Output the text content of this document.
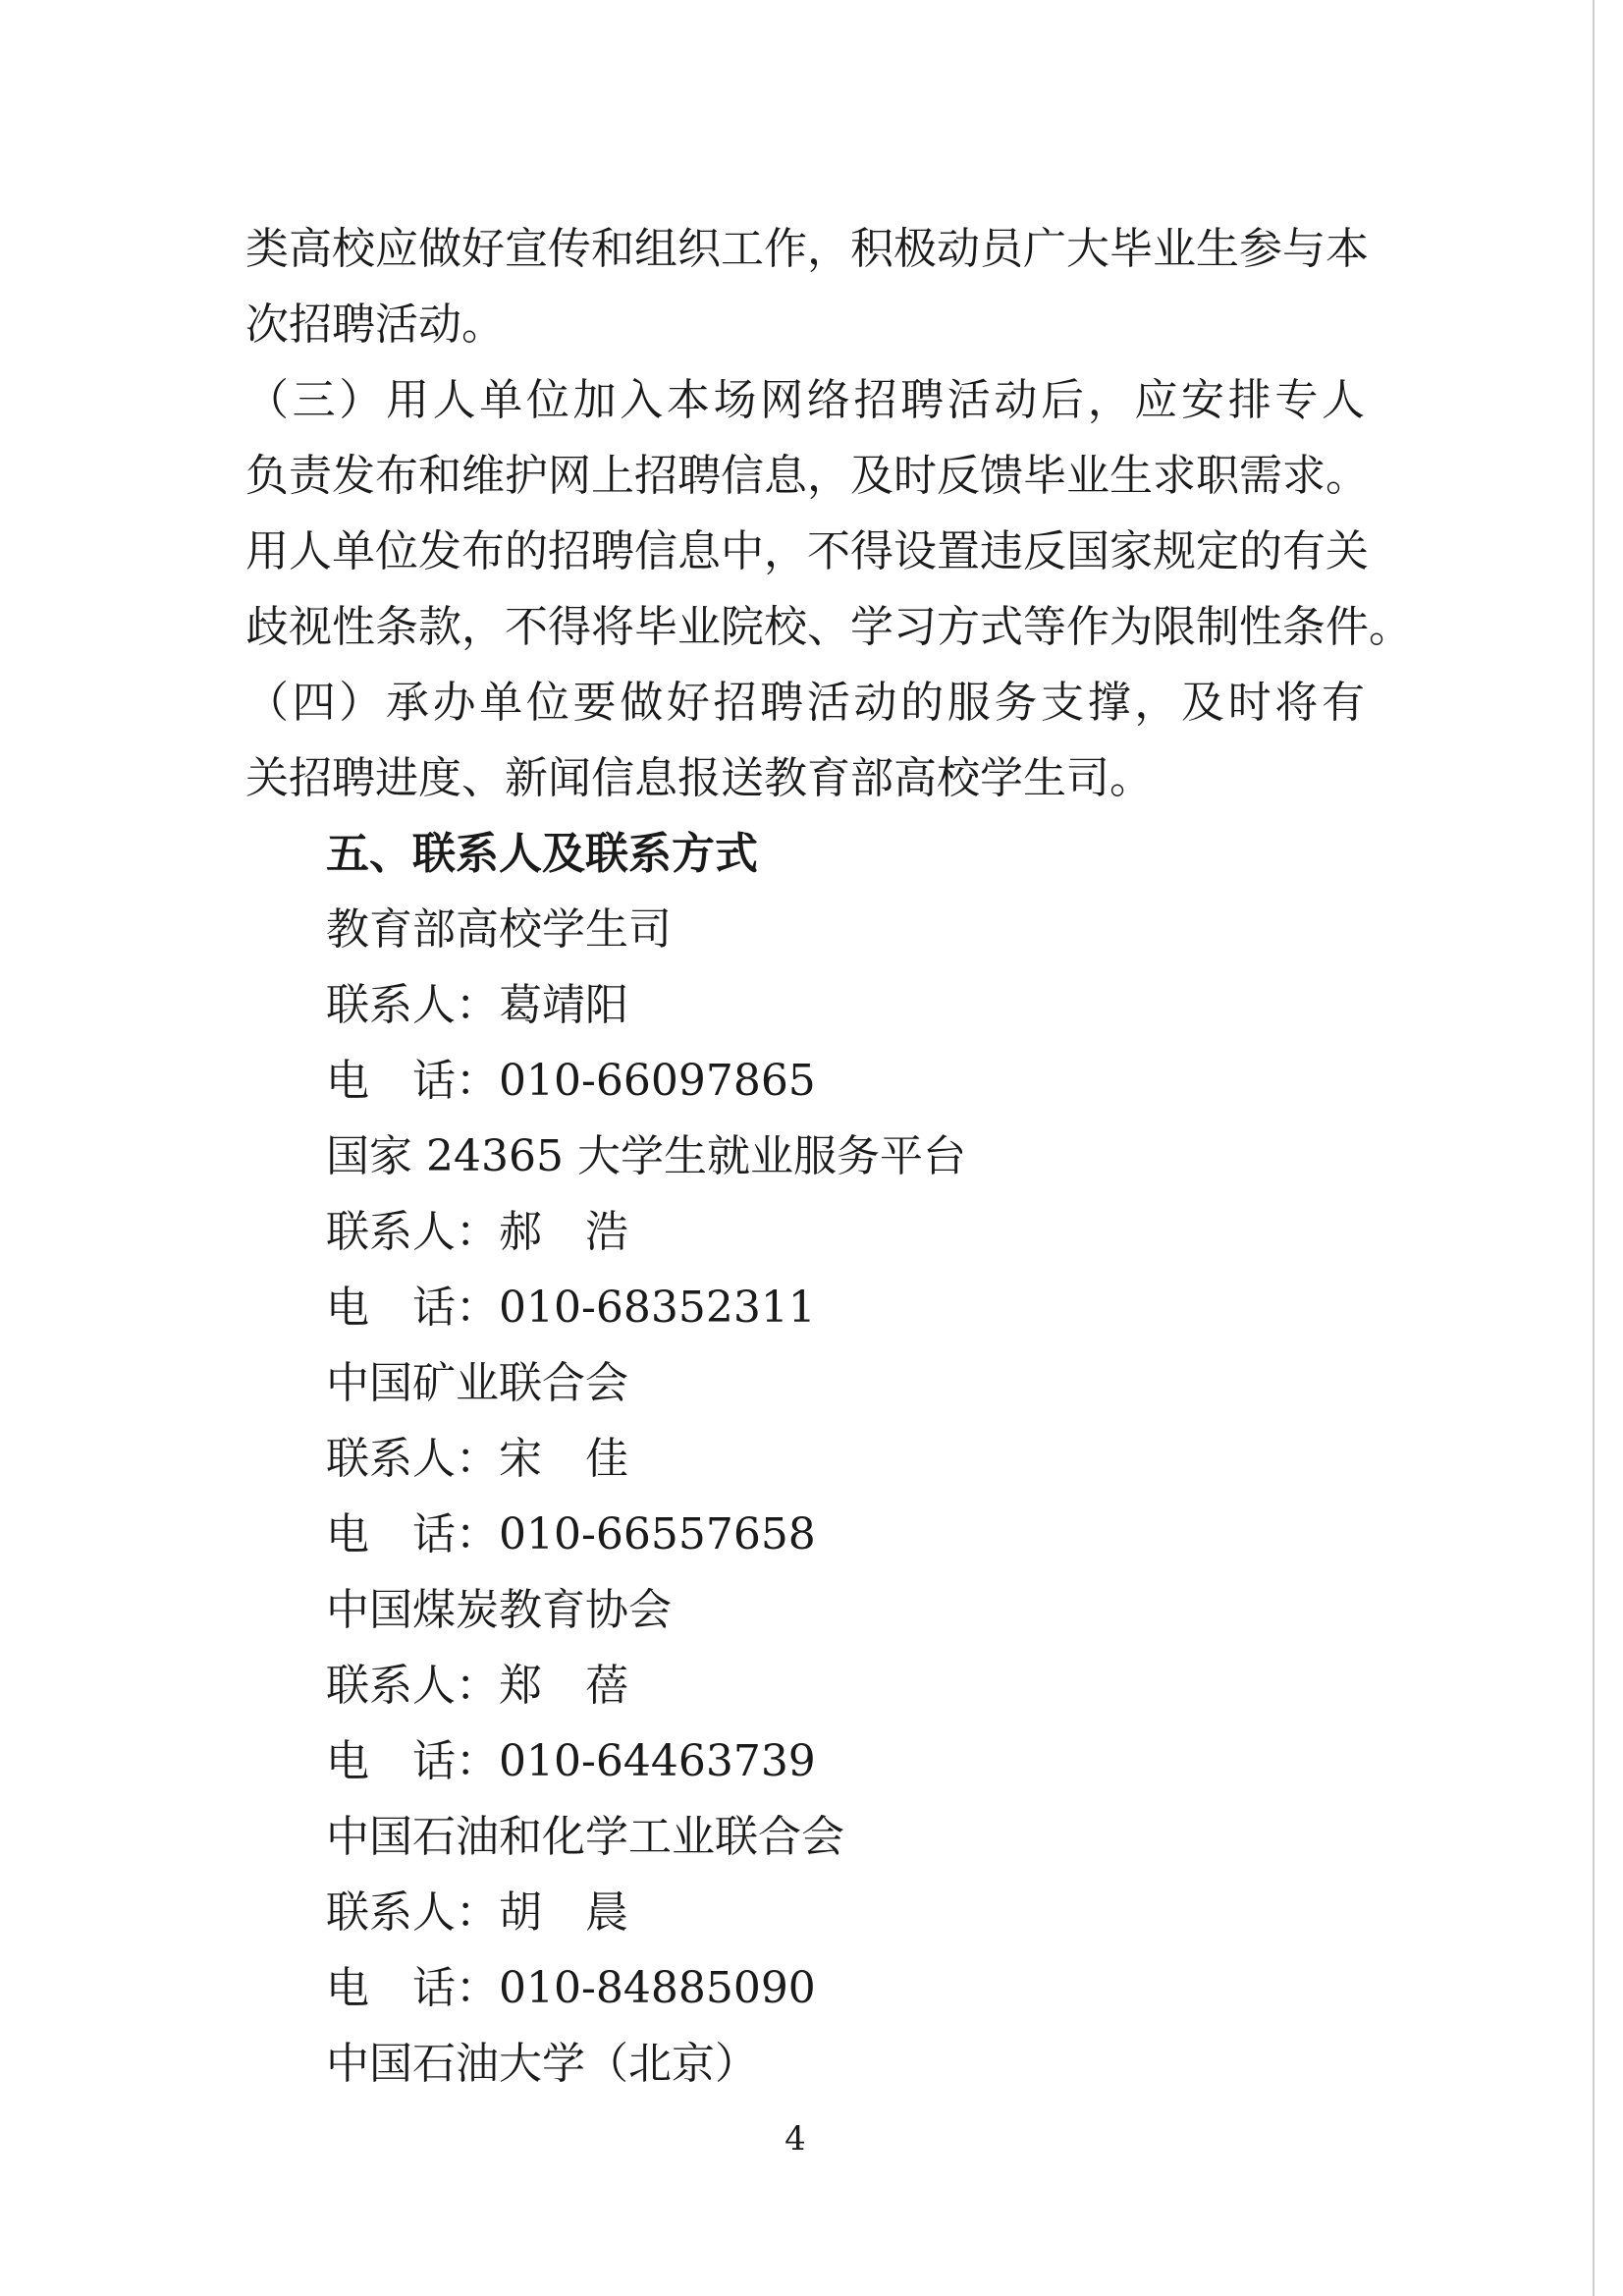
类高校应做好宣传和组织工作，积极动员广大毕业生参与本
次招聘活动。
（三）用人单位加入本场网络招聘活动后，应安排专人
负责发布和维护网上招聘信息，及时反馈毕业生求职需求。
用人单位发布的招聘信息中，不得设置违反国家规定的有关
歧视性条款，不得将毕业院校、学习方式等作为限制性条件。
（四）承办单位要做好招聘活动的服务支撑，及时将有
关招聘进度、新闻信息报送教育部高校学生司。
五、联系人及联系方式
教育部高校学生司
联系人：葛靖阳
电　话：010-66097865
国家 24365 大学生就业服务平台
联系人：郝　浩
电　话：010-68352311
中国矿业联合会
联系人：宋　佳
电　话：010-66557658
中国煤炭教育协会
联系人：郑　蓓
电　话：010-64463739
中国石油和化学工业联合会
联系人：胡　晨
电　话：010-84885090
中国石油大学（北京）
4
